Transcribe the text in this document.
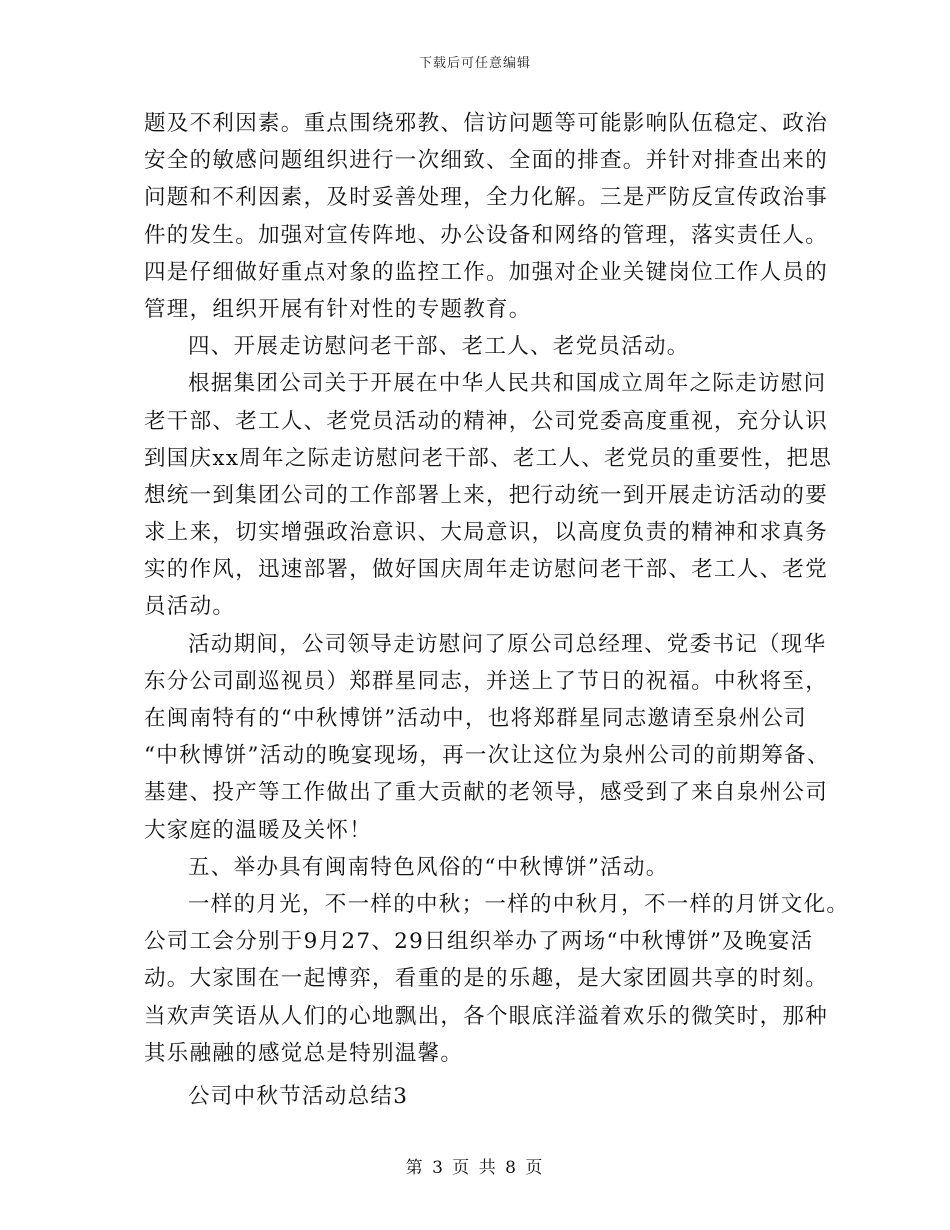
下载后可任意编辑
题及不利因素。重点围绕邪教、信访问题等可能影响队伍稳定、政治
安全的敏感问题组织进行一次细致、全面的排查。并针对排查出来的
问题和不利因素，及时妥善处理，全力化解。三是严防反宣传政治事
件的发生。加强对宣传阵地、办公设备和网络的管理，落实责任人。
四是仔细做好重点对象的监控工作。加强对企业关键岗位工作人员的
管理，组织开展有针对性的专题教育。
四、开展走访慰问老干部、老工人、老党员活动。
根据集团公司关于开展在中华人民共和国成立周年之际走访慰问
老干部、老工人、老党员活动的精神，公司党委高度重视，充分认识
到国庆xx周年之际走访慰问老干部、老工人、老党员的重要性，把思
想统一到集团公司的工作部署上来，把行动统一到开展走访活动的要
求上来，切实增强政治意识、大局意识，以高度负责的精神和求真务
实的作风，迅速部署，做好国庆周年走访慰问老干部、老工人、老党
员活动。
活动期间，公司领导走访慰问了原公司总经理、党委书记（现华
东分公司副巡视员）郑群星同志，并送上了节日的祝福。中秋将至，
在闽南特有的“中秋博饼”活动中，也将郑群星同志邀请至泉州公司
“中秋博饼”活动的晚宴现场，再一次让这位为泉州公司的前期筹备、
基建、投产等工作做出了重大贡献的老领导，感受到了来自泉州公司
大家庭的温暖及关怀！
五、举办具有闽南特色风俗的“中秋博饼”活动。
一样的月光，不一样的中秋；一样的中秋月，不一样的月饼文化。
公司工会分别于9月27、29日组织举办了两场“中秋博饼”及晚宴活
动。大家围在一起博弈，看重的是的乐趣，是大家团圆共享的时刻。
当欢声笑语从人们的心地飘出，各个眼底洋溢着欢乐的微笑时，那种
其乐融融的感觉总是特别温馨。
公司中秋节活动总结3
第 3 页 共 8 页
